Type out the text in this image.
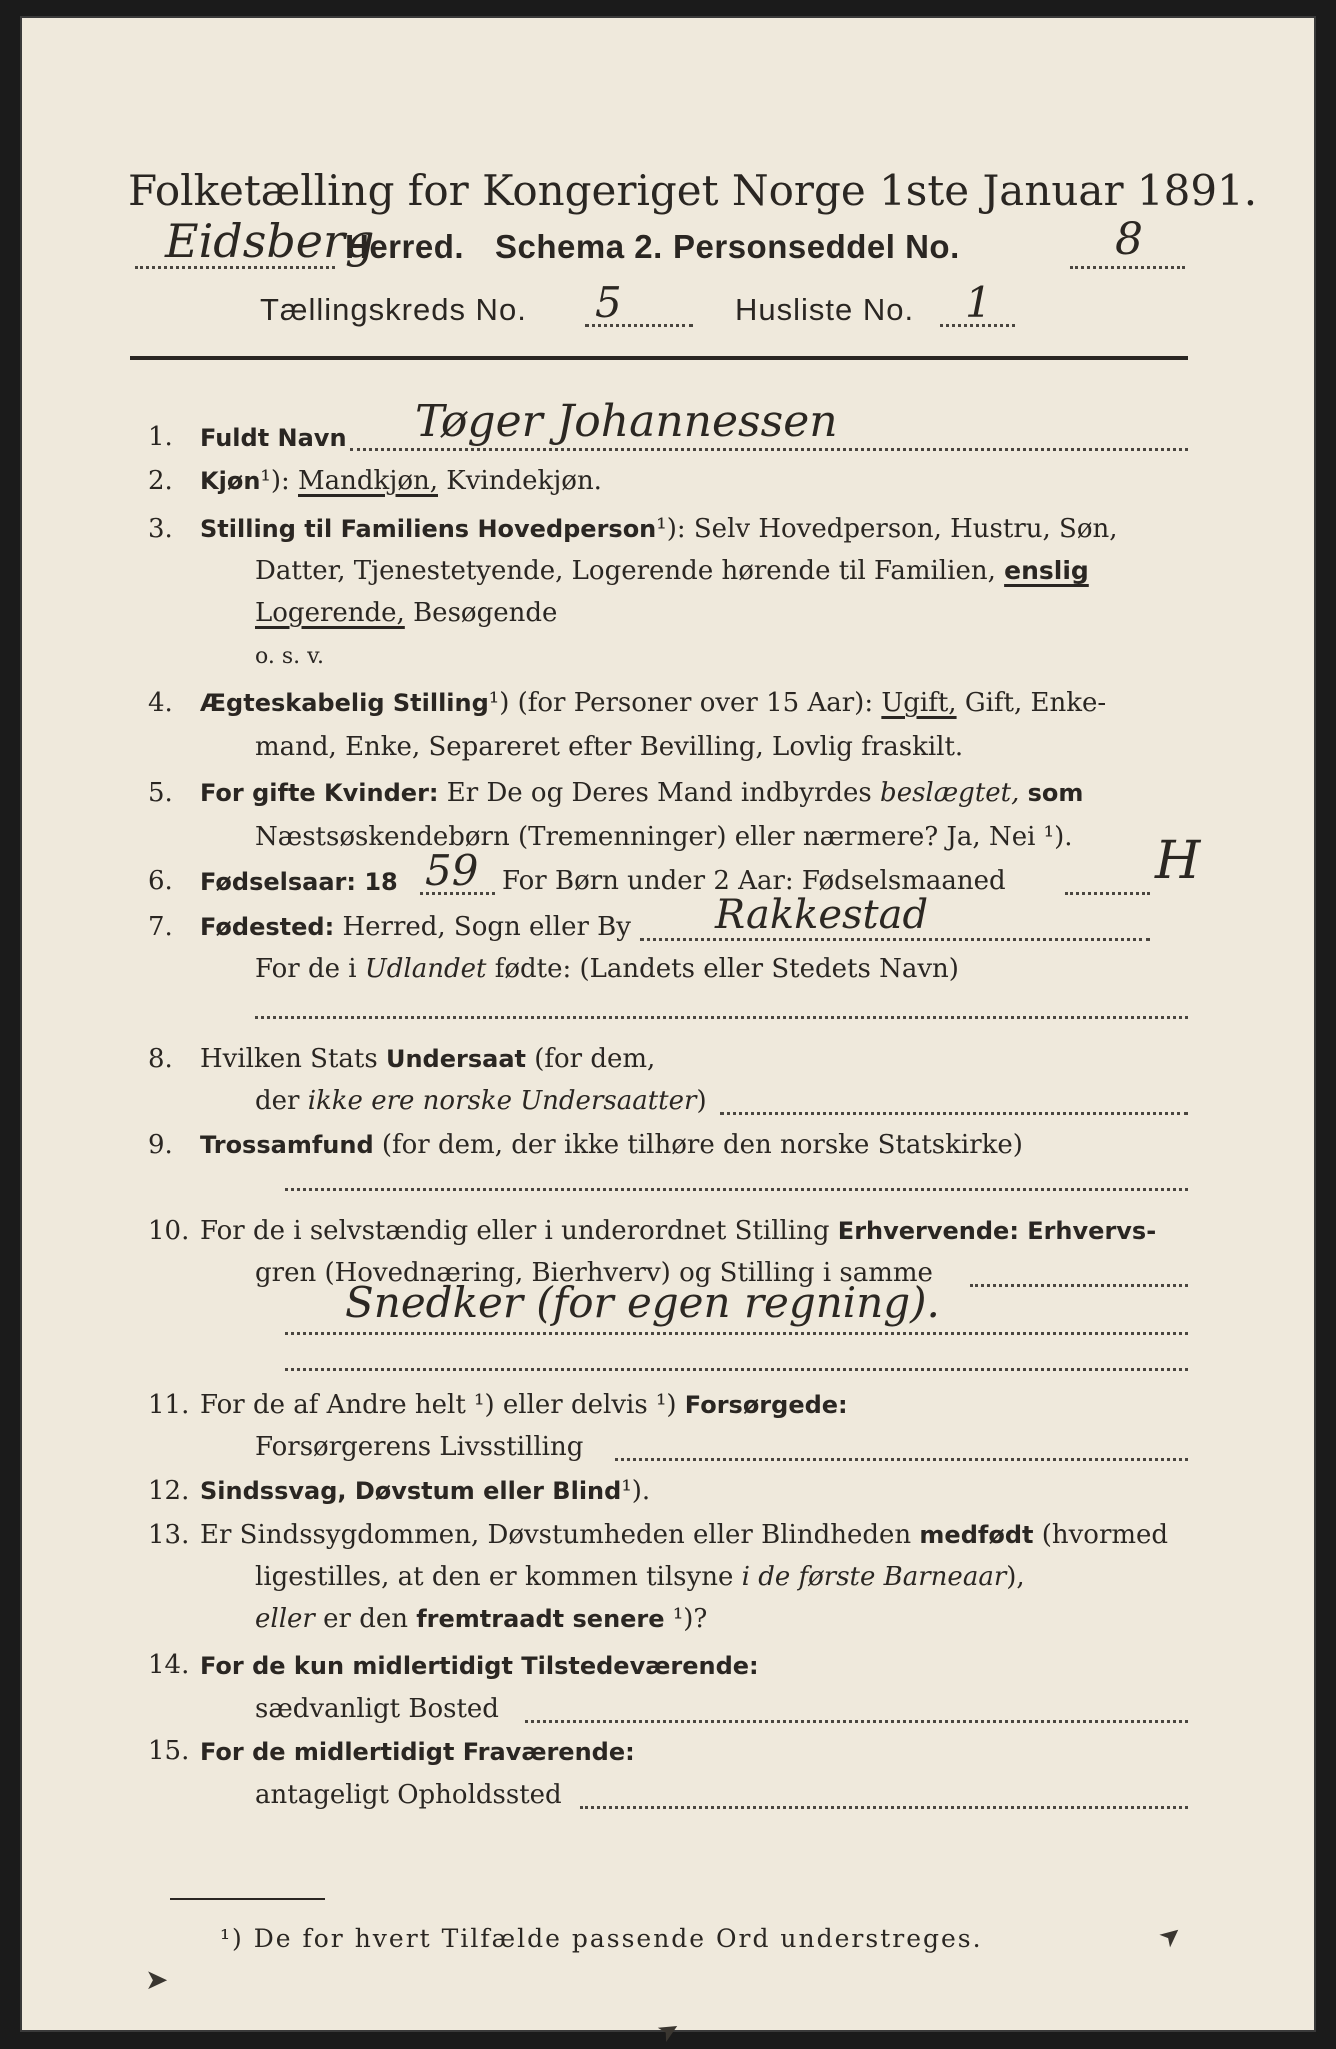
Folketælling for Kongeriget Norge 1ste Januar 1891.
Eidsberg
Herred. Schema 2. Personseddel No.	8
Tællingskreds No. 5	Husliste No. 1
1. Fuldt Navn Tøger Johannessen
2. Kjøn¹): Mandkjøn, Kvindekjøn.
3. Stilling til Familiens Hovedperson¹): Selv Hovedperson, Hustru, Søn,
Datter, Tjenestetyende, Logerende hørende til Familien, enslig
Logerende, Besøgende
o. s. v.
4. Ægteskabelig Stilling¹) (for Personer over 15 Aar): Ugift, Gift, Enke-
mand, Enke, Separeret efter Bevilling, Lovlig fraskilt.
5. For gifte Kvinder: Er De og Deres Mand indbyrdes beslægtet, som
Næstsøskendebørn (Tremenninger) eller nærmere? Ja, Nei ¹).
6. Fødselsaar: 18 59 For Børn under 2 Aar: Fødselsmaaned	H
7. Fødested: Herred, Sogn eller By Rakkestad
For de i Udlandet fødte: (Landets eller Stedets Navn)
8. Hvilken Stats Undersaat (for dem,
der ikke ere norske Undersaatter)
9. Trossamfund (for dem, der ikke tilhøre den norske Statskirke)
10. For de i selvstændig eller i underordnet Stilling Erhvervende: Erhvervs-
gren (Hovednæring, Bierhverv) og Stilling i samme
Snedker (for egen regning).
11. For de af Andre helt ¹) eller delvis ¹) Forsørgede:
Forsørgerens Livsstilling
12. Sindssvag, Døvstum eller Blind¹).
13. Er Sindssygdommen, Døvstumheden eller Blindheden medfødt (hvormed
ligestilles, at den er kommen tilsyne i de første Barneaar),
eller er den fremtraadt senere ¹)?
14. For de kun midlertidigt Tilstedeværende:
sædvanligt Bosted
15. For de midlertidigt Fraværende:
antageligt Opholdssted
¹) De for hvert Tilfælde passende Ord understreges.
➤
➤
➤
